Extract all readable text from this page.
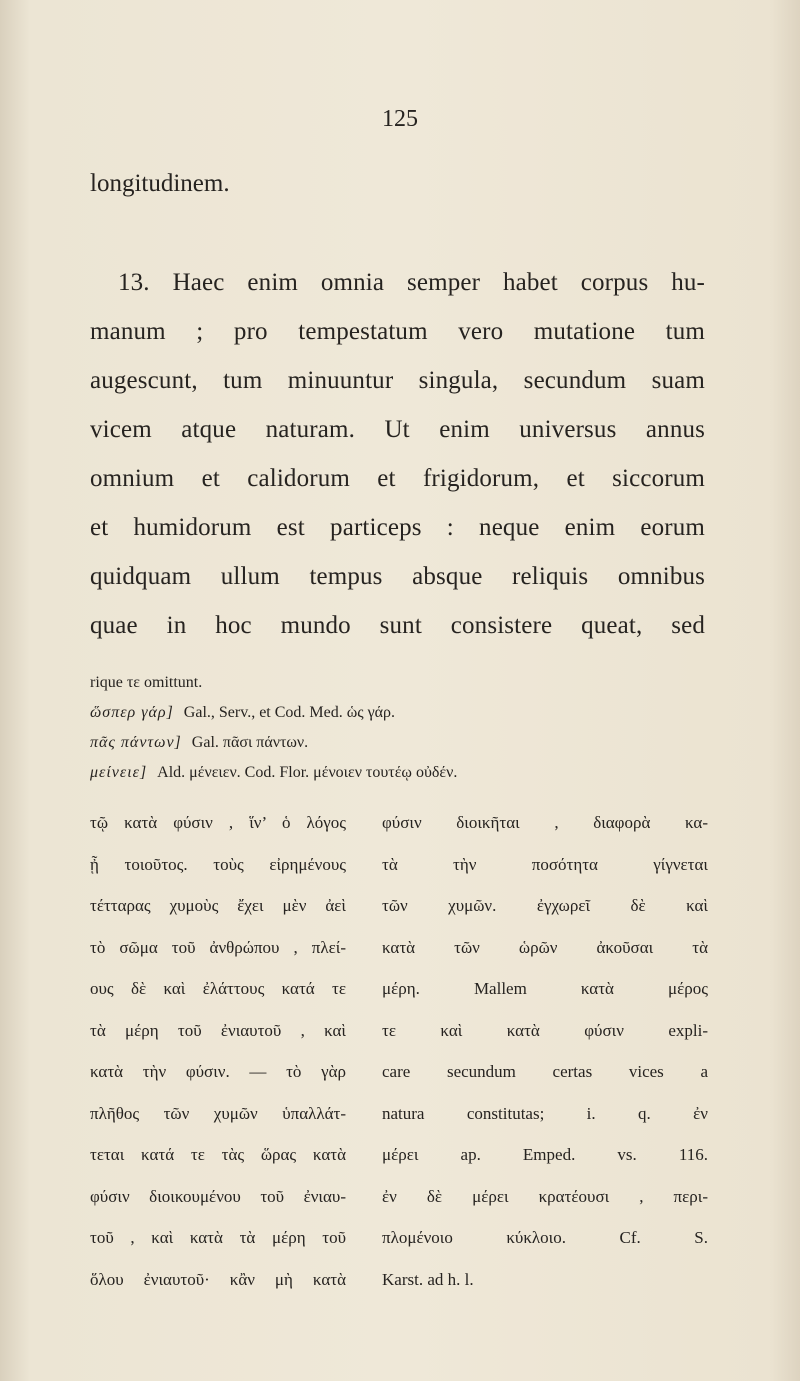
125
longitudinem.
13. Haec enim omnia semper habet corpus hu-
manum ; pro tempestatum vero mutatione tum
augescunt, tum minuuntur singula, secundum suam
vicem atque naturam. Ut enim universus annus
omnium et calidorum et frigidorum, et siccorum
et humidorum est particeps : neque enim eorum
quidquam ullum tempus absque reliquis omnibus
quae in hoc mundo sunt consistere queat, sed
rique τε omittunt.
ὥσπερ γάρ] Gal., Serv., et Cod. Med. ὡς γάρ.
πᾶς πάντων] Gal. πᾶσι πάντων.
μείνειε] Ald. μένειεν. Cod. Flor. μένοιεν τουτέῳ οὐδέν.
τῷ κατὰ φύσιν , ἵν’ ὁ λόγος
ᾖ τοιοῦτος. τοὺς εἰρημένους
τέτταρας χυμοὺς ἔχει μὲν ἀεὶ
τὸ σῶμα τοῦ ἀνθρώπου , πλεί-
ους δὲ καὶ ἐλάττους κατά τε
τὰ μέρη τοῦ ἐνιαυτοῦ , καὶ
κατὰ τὴν φύσιν. — τὸ γὰρ
πλῆθος τῶν χυμῶν ὑπαλλάτ-
τεται κατά τε τὰς ὥρας κατὰ
φύσιν διοικουμένου τοῦ ἐνιαυ-
τοῦ , καὶ κατὰ τὰ μέρη τοῦ
ὅλου ἐνιαυτοῦ· κἂν μὴ κατὰ
φύσιν διοικῆται , διαφορὰ κα-
τὰ τὴν ποσότητα γίγνεται
τῶν χυμῶν. ἐγχωρεῖ δὲ καὶ
κατὰ τῶν ὡρῶν ἀκοῦσαι τὰ
μέρη. Mallem κατὰ μέρος
τε καὶ κατὰ φύσιν expli-
care secundum certas vices a
natura constitutas; i. q. ἐν
μέρει ap. Emped. vs. 116.
ἐν δὲ μέρει κρατέουσι , περι-
πλομένοιο κύκλοιο. Cf. S.
Karst. ad h. l.
